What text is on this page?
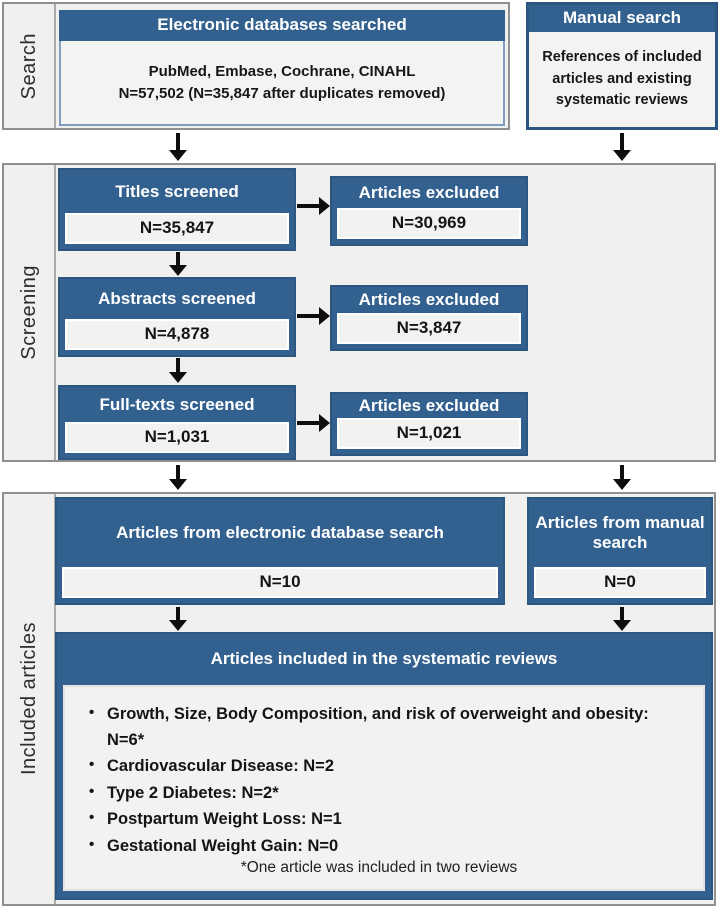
Search
Electronic databases searched
PubMed, Embase, Cochrane, CINAHL
N=57,502 (N=35,847 after duplicates removed)
Manual search
References of included articles and existing systematic reviews
Screening
Titles screened
N=35,847
Articles excluded
N=30,969
Abstracts screened
N=4,878
Articles excluded
N=3,847
Full-texts screened
N=1,031
Articles excluded
N=1,021
Included articles
Articles from electronic database search
N=10
Articles from manual search
N=0
Articles included in the systematic reviews
• Growth, Size, Body Composition, and risk of overweight and obesity: N=6*
• Cardiovascular Disease: N=2
• Type 2 Diabetes: N=2*
• Postpartum Weight Loss: N=1
• Gestational Weight Gain: N=0
*One article was included in two reviews
